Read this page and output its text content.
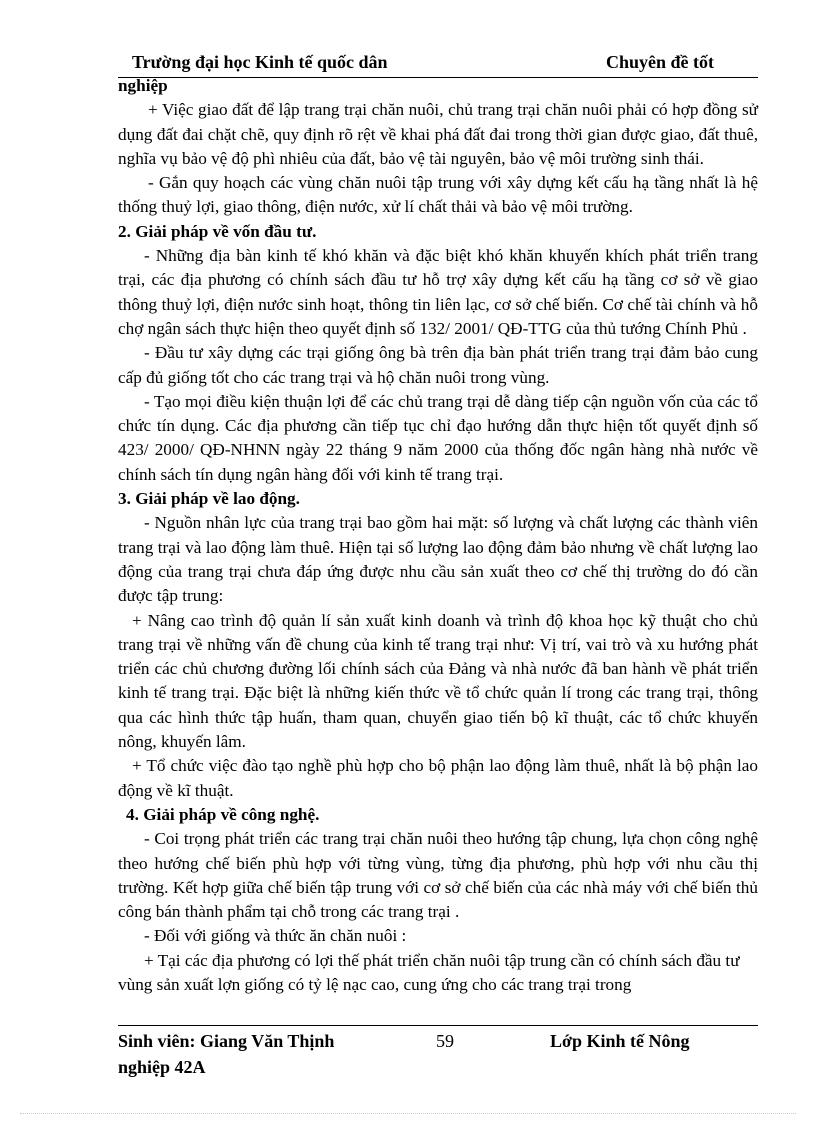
Trường đại học Kinh tế quốc dân	Chuyên đề tốt

nghiệp

+ Việc giao đất để lập trang trại chăn nuôi, chủ trang trại chăn nuôi phải có hợp đồng sử dụng đất đai chặt chẽ, quy định rõ rệt về khai phá đất đai trong thời gian được giao, đất thuê, nghĩa vụ bảo vệ độ phì nhiêu của đất, bảo vệ tài nguyên, bảo vệ môi trường sinh thái.

- Gắn quy hoạch các vùng chăn nuôi tập trung với xây dựng kết cấu hạ tầng nhất là hệ thống thuỷ lợi, giao thông, điện nước, xử lí chất thải và bảo vệ môi trường.

2. Giải pháp về vốn đầu tư.

- Những địa bàn kinh tế khó khăn và đặc biệt khó khăn khuyến khích phát triển trang trại, các địa phương có chính sách đầu tư hỗ trợ xây dựng kết cấu hạ tầng cơ sở về giao thông thuỷ lợi, điện nước sinh hoạt, thông tin liên lạc, cơ sở chế biến. Cơ chế tài chính và hỗ chợ ngân sách thực hiện theo quyết định số 132/ 2001/ QĐ-TTG của thủ tướng Chính Phủ .

- Đầu tư xây dựng các trại giống ông bà trên địa bàn phát triển trang trại đảm bảo cung cấp đủ giống tốt cho các trang trại và hộ chăn nuôi trong vùng.

- Tạo mọi điều kiện thuận lợi để các chủ trang trại dễ dàng tiếp cận nguồn vốn của các tổ chức tín dụng. Các địa phương cần tiếp tục chỉ đạo hướng dẫn thực hiện tốt quyết định số 423/ 2000/ QĐ-NHNN ngày 22 tháng 9 năm 2000 của thống đốc ngân hàng nhà nước về chính sách tín dụng ngân hàng đối với kinh tế trang trại.

3. Giải pháp về lao động.

- Nguồn nhân lực của trang trại bao gồm hai mặt: số lượng và chất lượng các thành viên trang trại và lao động làm thuê. Hiện tại số lượng lao động đảm bảo nhưng về chất lượng lao động của trang trại chưa đáp ứng được nhu cầu sản xuất theo cơ chế thị trường do đó cần được tập trung:

+ Nâng cao trình độ quản lí sản xuất kinh doanh và trình độ khoa học kỹ thuật cho chủ trang trại về những vấn đề chung của kinh tế trang trại như: Vị trí, vai trò và xu hướng phát triển các chủ chương đường lối chính sách của Đảng và nhà nước đã ban hành về phát triển kinh tế trang trại. Đặc biệt là những kiến thức về tổ chức quản lí trong các trang trại, thông qua các hình thức tập huấn, tham quan, chuyển giao tiến bộ kĩ thuật, các tổ chức khuyến nông, khuyến lâm.

+ Tổ chức việc đào tạo nghề phù hợp cho bộ phận lao động làm thuê, nhất là bộ phận lao động về kĩ thuật.

4. Giải pháp về công nghệ.

- Coi trọng phát triển các trang trại chăn nuôi theo hướng tập chung, lựa chọn công nghệ theo hướng chế biến phù hợp với từng vùng, từng địa phương, phù hợp với nhu cầu thị trường. Kết hợp giữa chế biến tập trung với cơ sở chế biến của các nhà máy với chế biến thủ công bán thành phẩm tại chỗ trong các trang trại .

- Đối với giống và thức ăn chăn nuôi :

+ Tại các địa phương có lợi thế phát triển chăn nuôi tập trung cần có chính sách đầu tư vùng sản xuất lợn giống có tỷ lệ nạc cao, cung ứng cho các trang trại trong

Sinh viên: Giang Văn Thịnh	59	Lớp Kinh tế Nông
nghiệp 42A
